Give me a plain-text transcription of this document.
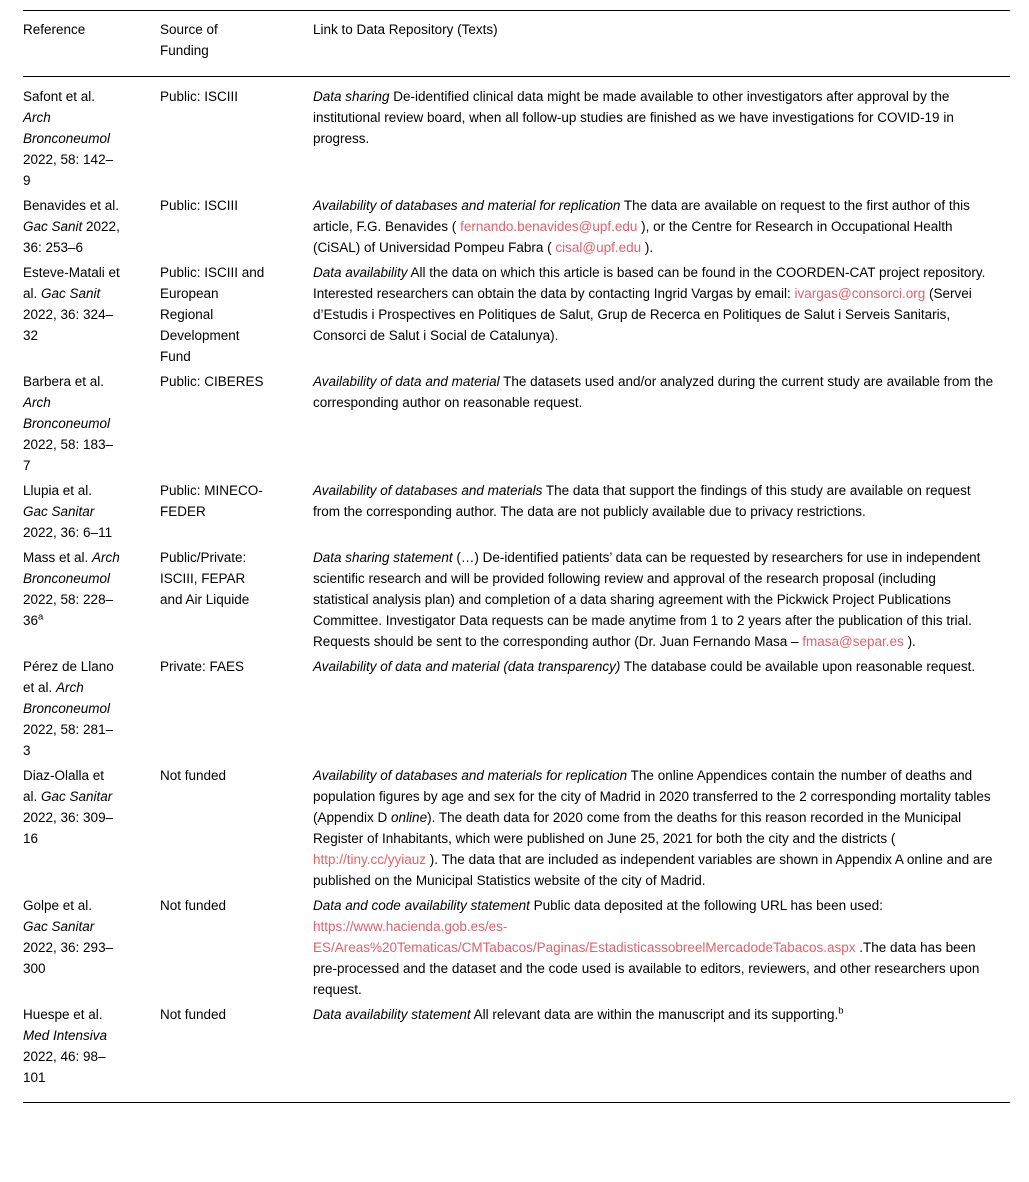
Reference	Source of Funding	Link to Data Repository (Texts)
Safont et al. Arch Bronconeumol 2022, 58: 142–9	Public: ISCIII	Data sharing De-identified clinical data might be made available to other investigators after approval by the institutional review board, when all follow-up studies are finished as we have investigations for COVID-19 in progress.
Benavides et al. Gac Sanit 2022, 36: 253–6	Public: ISCIII	Availability of databases and material for replication The data are available on request to the first author of this article, F.G. Benavides ( fernando.benavides@upf.edu ), or the Centre for Research in Occupational Health (CiSAL) of Universidad Pompeu Fabra ( cisal@upf.edu ).
Esteve-Matali et al. Gac Sanit 2022, 36: 324–32	Public: ISCIII and European Regional Development Fund	Data availability All the data on which this article is based can be found in the COORDEN-CAT project repository. Interested researchers can obtain the data by contacting Ingrid Vargas by email: ivargas@consorci.org (Servei d’Estudis i Prospectives en Politiques de Salut, Grup de Recerca en Politiques de Salut i Serveis Sanitaris, Consorci de Salut i Social de Catalunya).
Barbera et al. Arch Bronconeumol 2022, 58: 183–7	Public: CIBERES	Availability of data and material The datasets used and/or analyzed during the current study are available from the corresponding author on reasonable request.
Llupia et al. Gac Sanitar 2022, 36: 6–11	Public: MINECO-FEDER	Availability of databases and materials The data that support the findings of this study are available on request from the corresponding author. The data are not publicly available due to privacy restrictions.
Mass et al. Arch Bronconeumol 2022, 58: 228–36$^a$	Public/Private: ISCIII, FEPAR and Air Liquide	Data sharing statement (…) De-identified patients’ data can be requested by researchers for use in independent scientific research and will be provided following review and approval of the research proposal (including statistical analysis plan) and completion of a data sharing agreement with the Pickwick Project Publications Committee. Investigator Data requests can be made anytime from 1 to 2 years after the publication of this trial. Requests should be sent to the corresponding author (Dr. Juan Fernando Masa – fmasa@separ.es ).
Pérez de Llano et al. Arch Bronconeumol 2022, 58: 281–3	Private: FAES	Availability of data and material (data transparency) The database could be available upon reasonable request.
Diaz-Olalla et al. Gac Sanitar 2022, 36: 309–16	Not funded	Availability of databases and materials for replication The online Appendices contain the number of deaths and population figures by age and sex for the city of Madrid in 2020 transferred to the 2 corresponding mortality tables (Appendix D online). The death data for 2020 come from the deaths for this reason recorded in the Municipal Register of Inhabitants, which were published on June 25, 2021 for both the city and the districts ( http://tiny.cc/yyiauz ). The data that are included as independent variables are shown in Appendix A online and are published on the Municipal Statistics website of the city of Madrid.
Golpe et al. Gac Sanitar 2022, 36: 293–300	Not funded	Data and code availability statement Public data deposited at the following URL has been used: https://www.hacienda.gob.es/es-ES/Areas%20Tematicas/CMTabacos/Paginas/EstadisticassobreelMercadodeTabacos.aspx .The data has been pre-processed and the dataset and the code used is available to editors, reviewers, and other researchers upon request.
Huespe et al. Med Intensiva 2022, 46: 98–101	Not funded	Data availability statement All relevant data are within the manuscript and its supporting.$^b$
